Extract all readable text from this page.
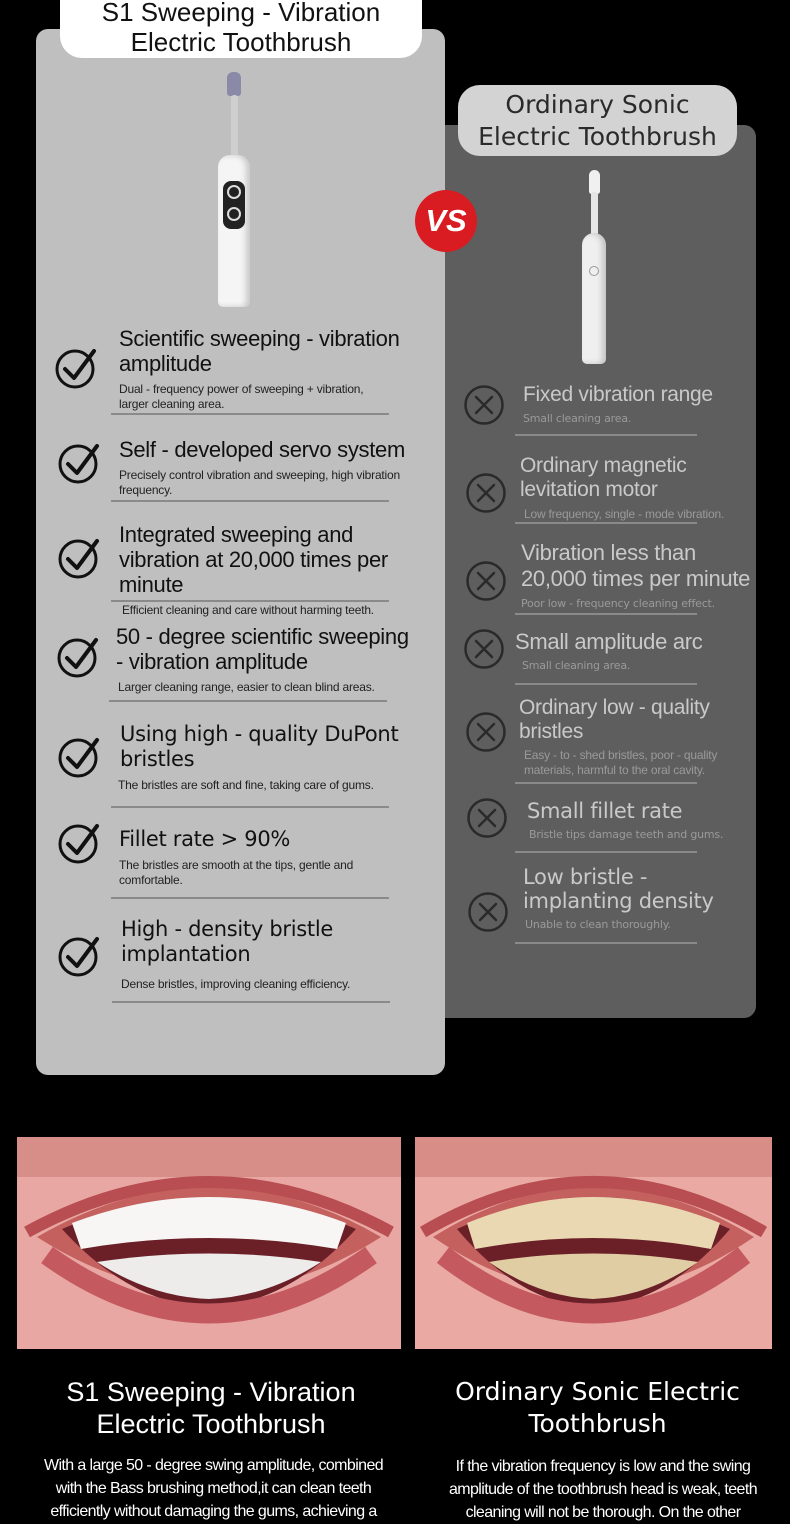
S1 Sweeping - Vibration
Electric Toothbrush
Ordinary Sonic
Electric Toothbrush
VS
Scientific sweeping - vibration amplitude
Dual - frequency power of sweeping + vibration, larger cleaning area.
Self - developed servo system
Precisely control vibration and sweeping, high vibration frequency.
Integrated sweeping and vibration at 20,000 times per minute
Efficient cleaning and care without harming teeth.
50 - degree scientific sweeping - vibration amplitude
Larger cleaning range, easier to clean blind areas.
Using high - quality DuPont bristles
The bristles are soft and fine, taking care of gums.
Fillet rate > 90%
The bristles are smooth at the tips, gentle and comfortable.
High - density bristle implantation
Dense bristles, improving cleaning efficiency.
Fixed vibration range
Small cleaning area.
Ordinary magnetic levitation motor
Low frequency, single - mode vibration.
Vibration less than 20,000 times per minute
Poor low - frequency cleaning effect.
Small amplitude arc
Small cleaning area.
Ordinary low - quality bristles
Easy - to - shed bristles, poor - quality materials, harmful to the oral cavity.
Small fillet rate
Bristle tips damage teeth and gums.
Low bristle - implanting density
Unable to clean thoroughly.
S1 Sweeping - Vibration
Electric Toothbrush
With a large 50 - degree swing amplitude, combined with the Bass brushing method,it can clean teeth efficiently without damaging the gums, achieving a
Ordinary Sonic Electric
Toothbrush
If the vibration frequency is low and the swing amplitude of the toothbrush head is weak, teeth cleaning will not be thorough. On the other
